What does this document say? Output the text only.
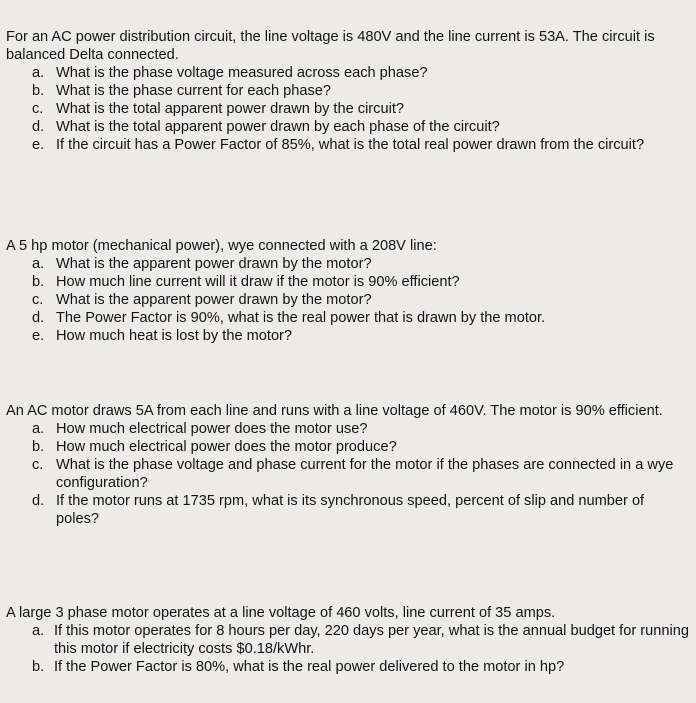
For an AC power distribution circuit, the line voltage is 480V and the line current is 53A. The circuit is balanced Delta connected.

a. What is the phase voltage measured across each phase?
b. What is the phase current for each phase?
c. What is the total apparent power drawn by the circuit?
d. What is the total apparent power drawn by each phase of the circuit?
e. If the circuit has a Power Factor of 85%, what is the total real power drawn from the circuit?

A 5 hp motor (mechanical power), wye connected with a 208V line:

a. What is the apparent power drawn by the motor?
b. How much line current will it draw if the motor is 90% efficient?
c. What is the apparent power drawn by the motor?
d. The Power Factor is 90%, what is the real power that is drawn by the motor.
e. How much heat is lost by the motor?

An AC motor draws 5A from each line and runs with a line voltage of 460V. The motor is 90% efficient.

a. How much electrical power does the motor use?
b. How much electrical power does the motor produce?
c. What is the phase voltage and phase current for the motor if the phases are connected in a wye configuration?
d. If the motor runs at 1735 rpm, what is its synchronous speed, percent of slip and number of poles?

A large 3 phase motor operates at a line voltage of 460 volts, line current of 35 amps.

a. If this motor operates for 8 hours per day, 220 days per year, what is the annual budget for running this motor if electricity costs $0.18/kWhr.
b. If the Power Factor is 80%, what is the real power delivered to the motor in hp?
